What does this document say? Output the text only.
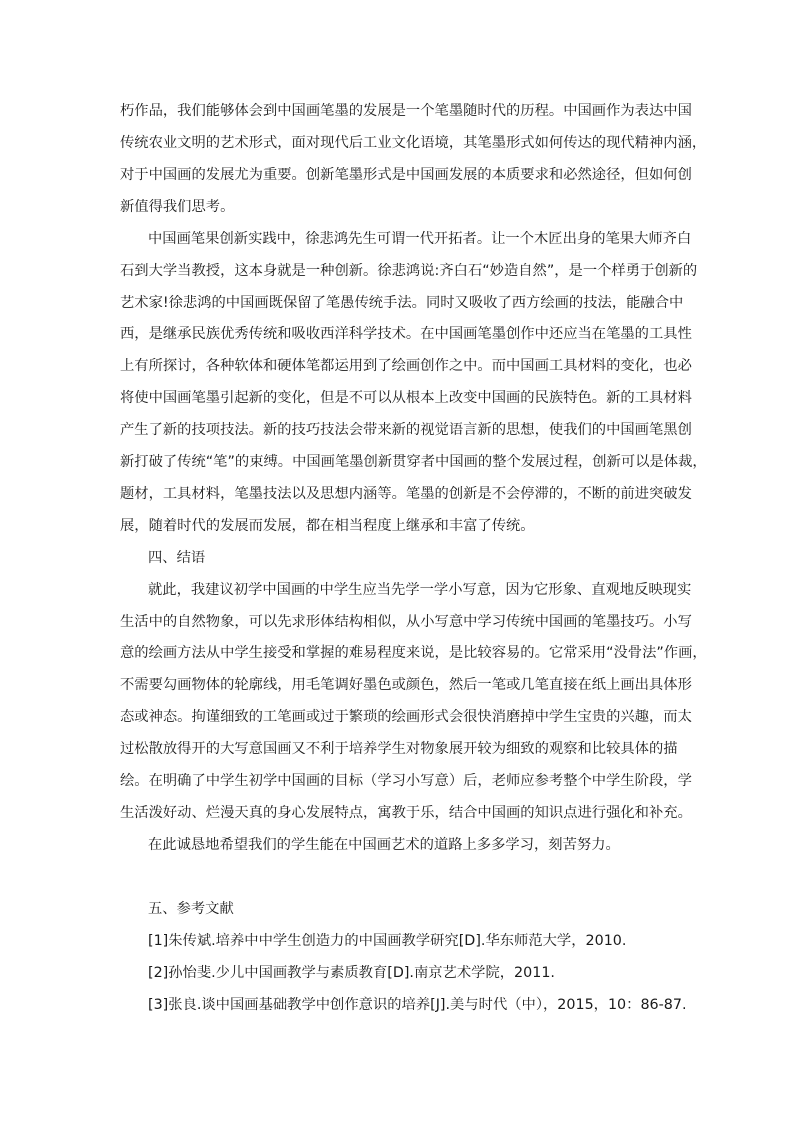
朽作品，我们能够体会到中国画笔墨的发展是一个笔墨随时代的历程。中国画作为表达中国
传统农业文明的艺术形式，面对现代后工业文化语境，其笔墨形式如何传达的现代精神内涵，
对于中国画的发展尤为重要。创新笔墨形式是中国画发展的本质要求和必然途径，但如何创
新值得我们思考。
中国画笔果创新实践中，徐悲鸿先生可谓一代开拓者。让一个木匠出身的笔果大师齐白
石到大学当教授，这本身就是一种创新。徐悲鸿说:齐白石“妙造自然”，是一个样勇于创新的
艺术家!徐悲鸿的中国画既保留了笔愚传统手法。同时又吸收了西方绘画的技法，能融合中
西，是继承民族优秀传统和吸收西洋科学技术。在中国画笔墨创作中还应当在笔墨的工具性
上有所探讨，各种软体和硬体笔都运用到了绘画创作之中。而中国画工具材料的变化，也必
将使中国画笔墨引起新的变化，但是不可以从根本上改变中国画的民族特色。新的工具材料
产生了新的技项技法。新的技巧技法会带来新的视觉语言新的思想，使我们的中国画笔黑创
新打破了传统“笔”的束缚。中国画笔墨创新贯穿者中国画的整个发展过程，创新可以是体裁，
题材，工具材料，笔墨技法以及思想内涵等。笔墨的创新是不会停滞的，不断的前进突破发
展，随着时代的发展而发展，都在相当程度上继承和丰富了传统。
四、结语
就此，我建议初学中国画的中学生应当先学一学小写意，因为它形象、直观地反映现实
生活中的自然物象，可以先求形体结构相似，从小写意中学习传统中国画的笔墨技巧。小写
意的绘画方法从中学生接受和掌握的难易程度来说，是比较容易的。它常采用“没骨法”作画，
不需要勾画物体的轮廓线，用毛笔调好墨色或颜色，然后一笔或几笔直接在纸上画出具体形
态或神态。拘谨细致的工笔画或过于繁琐的绘画形式会很快消磨掉中学生宝贵的兴趣，而太
过松散放得开的大写意国画又不利于培养学生对物象展开较为细致的观察和比较具体的描
绘。在明确了中学生初学中国画的目标（学习小写意）后，老师应参考整个中学生阶段，学
生活泼好动、烂漫天真的身心发展特点，寓教于乐，结合中国画的知识点进行强化和补充。
在此诚恳地希望我们的学生能在中国画艺术的道路上多多学习，刻苦努力。
五、参考文献
[1]朱传斌.培养中中学生创造力的中国画教学研究[D].华东师范大学，2010.
[2]孙怡斐.少儿中国画教学与素质教育[D].南京艺术学院，2011.
[3]张良.谈中国画基础教学中创作意识的培养[J].美与时代（中），2015，10：86-87.
